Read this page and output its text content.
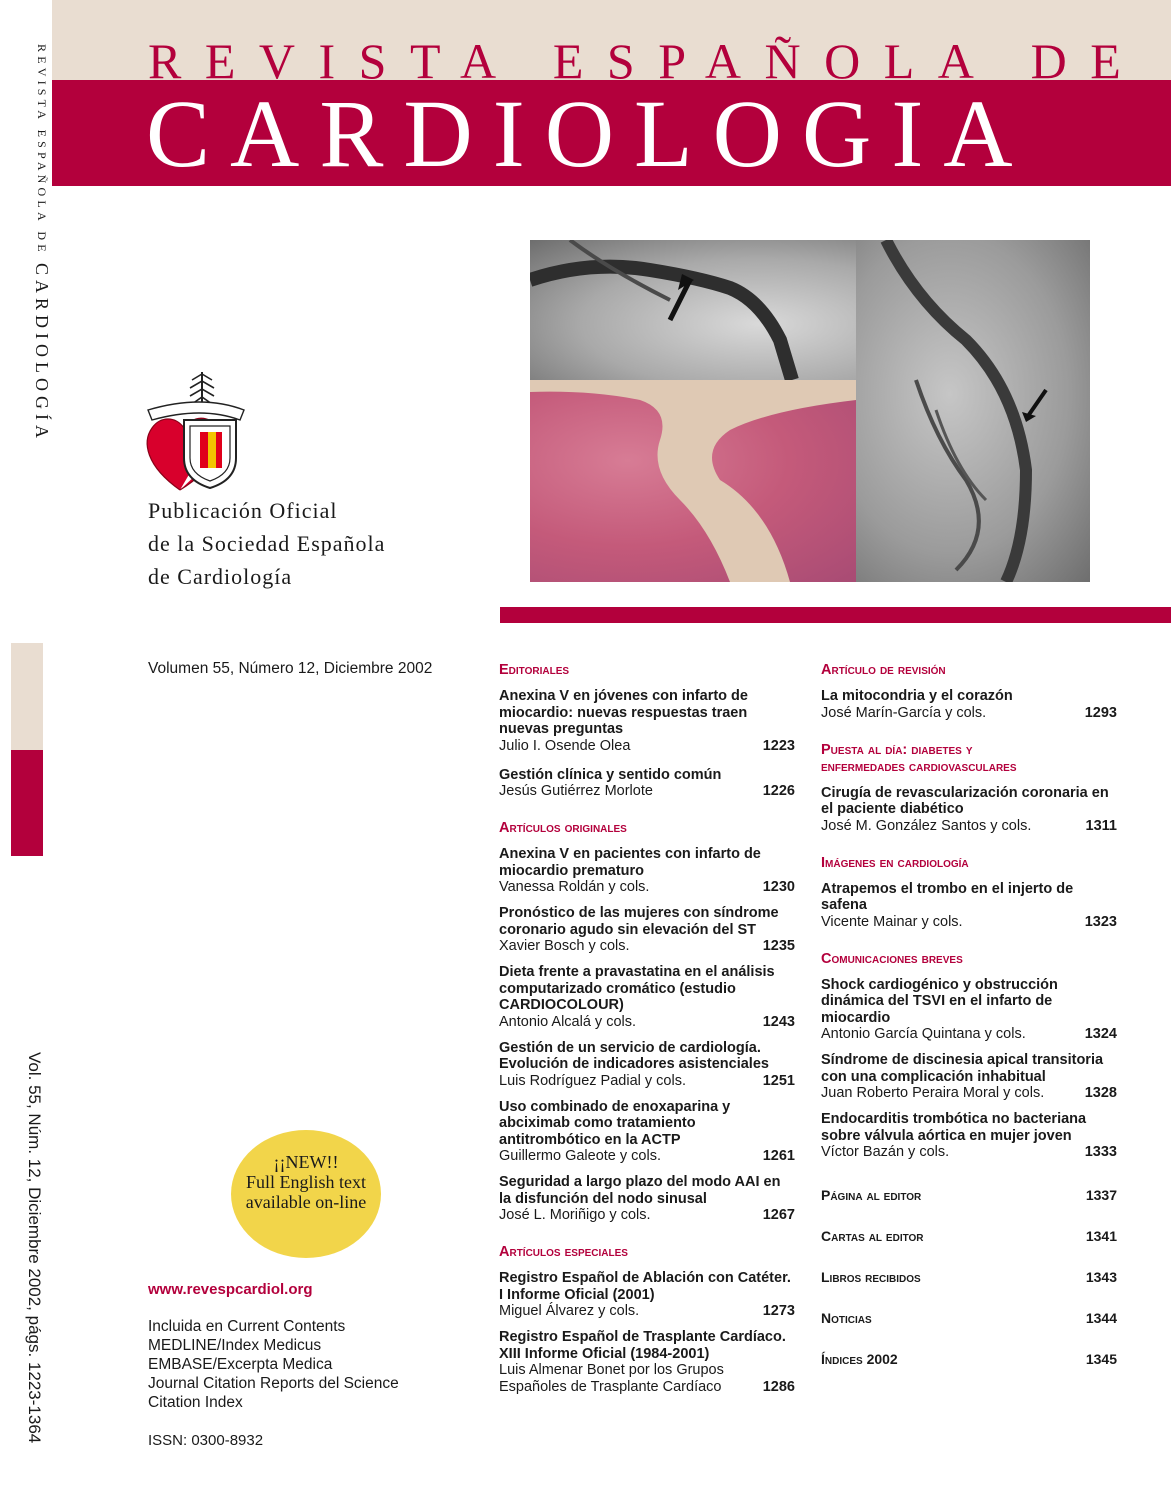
REVISTA ESPAÑOLA DE
CARDIOLOGIA
REVISTA ESPAÑOLA DE CARDIOLOGÍA
Vol. 55, Núm. 12, Diciembre 2002, págs. 1223-1364
Publicación Oficial
de la Sociedad Española
de Cardiología
Volumen 55, Número 12, Diciembre 2002
¡¡NEW!!
Full English text
available on-line
www.revespcardiol.org
Incluida en Current Contents
MEDLINE/Index Medicus
EMBASE/Excerpta Medica
Journal Citation Reports del Science
Citation Index
ISSN: 0300-8932
Editoriales
Anexina V en jóvenes con infarto de miocardio: nuevas respuestas traen nuevas preguntas
Julio I. Osende Olea	1223
Gestión clínica y sentido común
Jesús Gutiérrez Morlote	1226
Artículos originales
Anexina V en pacientes con infarto de miocardio prematuro
Vanessa Roldán y cols.	1230
Pronóstico de las mujeres con síndrome coronario agudo sin elevación del ST
Xavier Bosch y cols.	1235
Dieta frente a pravastatina en el análisis computarizado cromático (estudio CARDIOCOLOUR)
Antonio Alcalá y cols.	1243
Gestión de un servicio de cardiología. Evolución de indicadores asistenciales
Luis Rodríguez Padial y cols.	1251
Uso combinado de enoxaparina y abciximab como tratamiento antitrombótico en la ACTP
Guillermo Galeote y cols.	1261
Seguridad a largo plazo del modo AAI en la disfunción del nodo sinusal
José L. Moriñigo y cols.	1267
Artículos especiales
Registro Español de Ablación con Catéter. I Informe Oficial (2001)
Miguel Álvarez y cols.	1273
Registro Español de Trasplante Cardíaco. XIII Informe Oficial (1984-2001)
Luis Almenar Bonet por los Grupos
Españoles de Trasplante Cardíaco	1286
Artículo de revisión
La mitocondria y el corazón
José Marín-García y cols.	1293
Puesta al día: diabetes y
enfermedades cardiovasculares
Cirugía de revascularización coronaria en el paciente diabético
José M. González Santos y cols.	1311
Imágenes en cardiología
Atrapemos el trombo en el injerto de safena
Vicente Mainar y cols.	1323
Comunicaciones breves
Shock cardiogénico y obstrucción dinámica del TSVI en el infarto de miocardio
Antonio García Quintana y cols.	1324
Síndrome de discinesia apical transitoria con una complicación inhabitual
Juan Roberto Peraira Moral y cols.	1328
Endocarditis trombótica no bacteriana sobre válvula aórtica en mujer joven
Víctor Bazán y cols.	1333
Página al editor	1337
Cartas al editor	1341
Libros recibidos	1343
Noticias	1344
Índices 2002	1345
